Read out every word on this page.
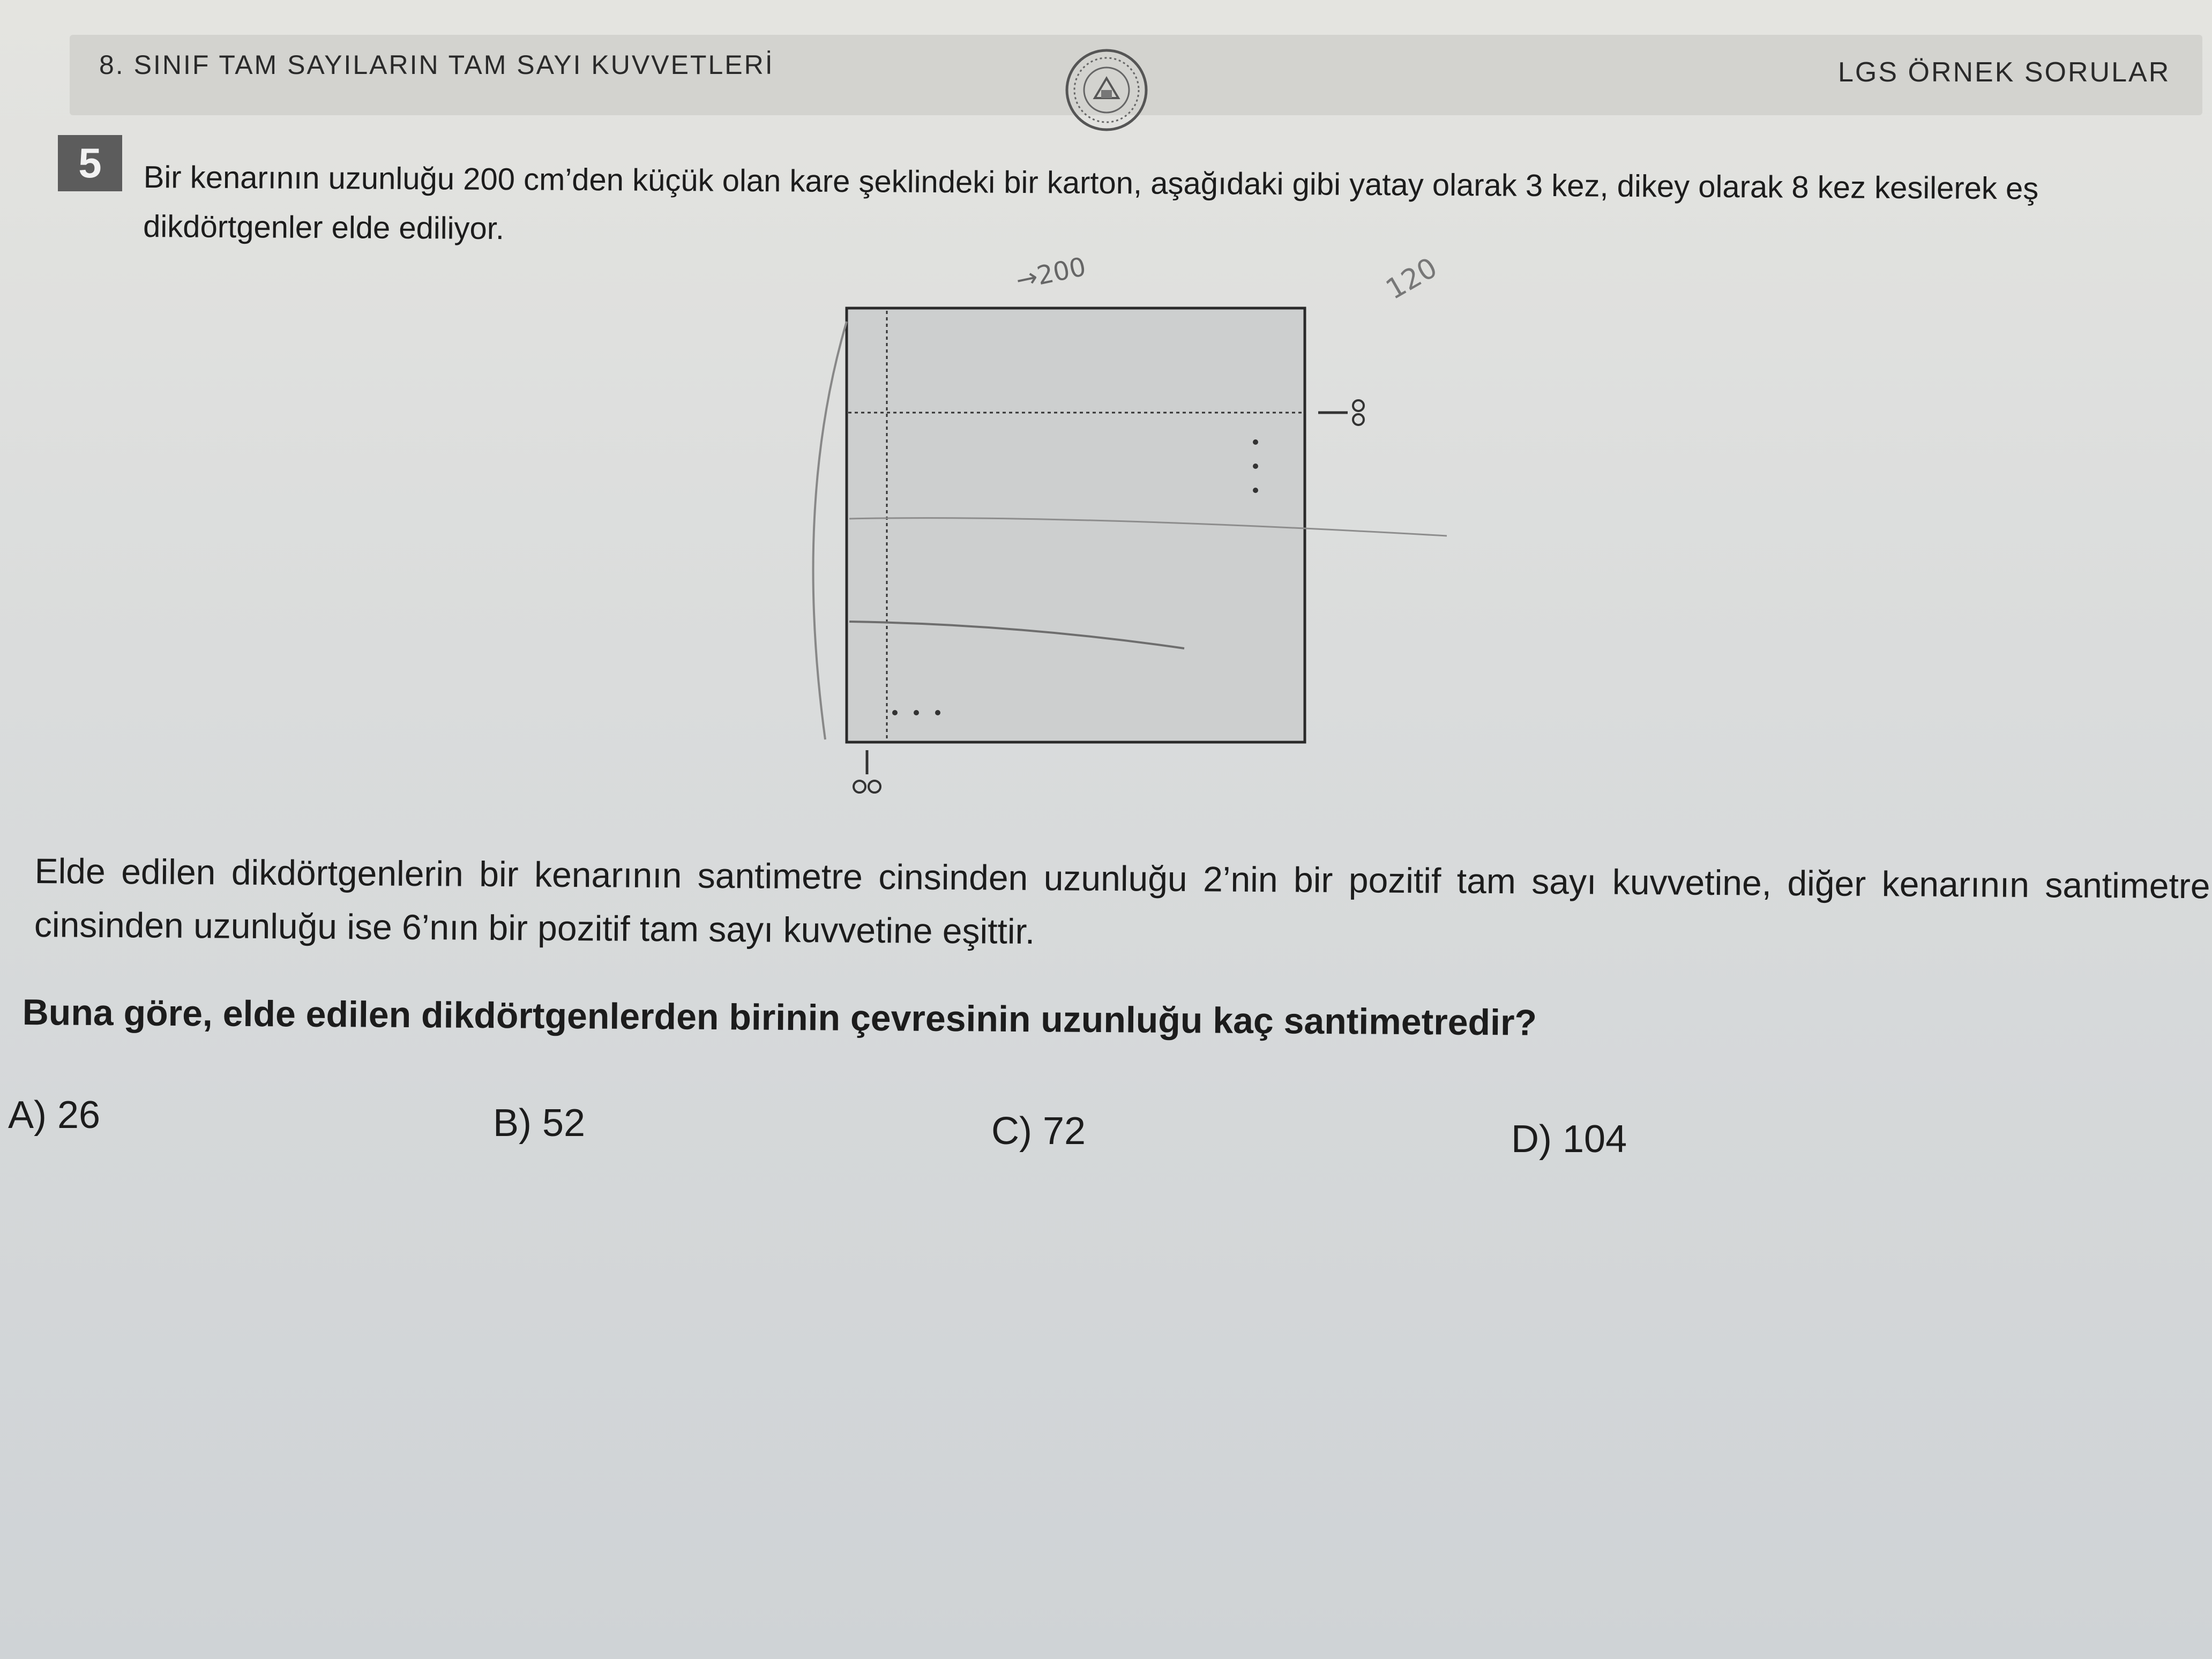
8. SINIF TAM SAYILARIN TAM SAYI KUVVETLERİ	LGS ÖRNEK SORULAR
5	Bir kenarının uzunluğu 200 cm’den küçük olan kare şeklindeki bir karton, aşağıdaki gibi yatay olarak 3 kez, dikey olarak 8 kez kesilerek eş dikdörtgenler elde ediliyor.
→200	120
Elde edilen dikdörtgenlerin bir kenarının santimetre cinsinden uzunluğu 2’nin bir pozitif tam sayı kuvvetine, diğer kenarının santimetre cinsinden uzunluğu ise 6’nın bir pozitif tam sayı kuvvetine eşittir.
Buna göre, elde edilen dikdörtgenlerden birinin çevresinin uzunluğu kaç santimetredir?
A) 26	B) 52	C) 72	D) 104
